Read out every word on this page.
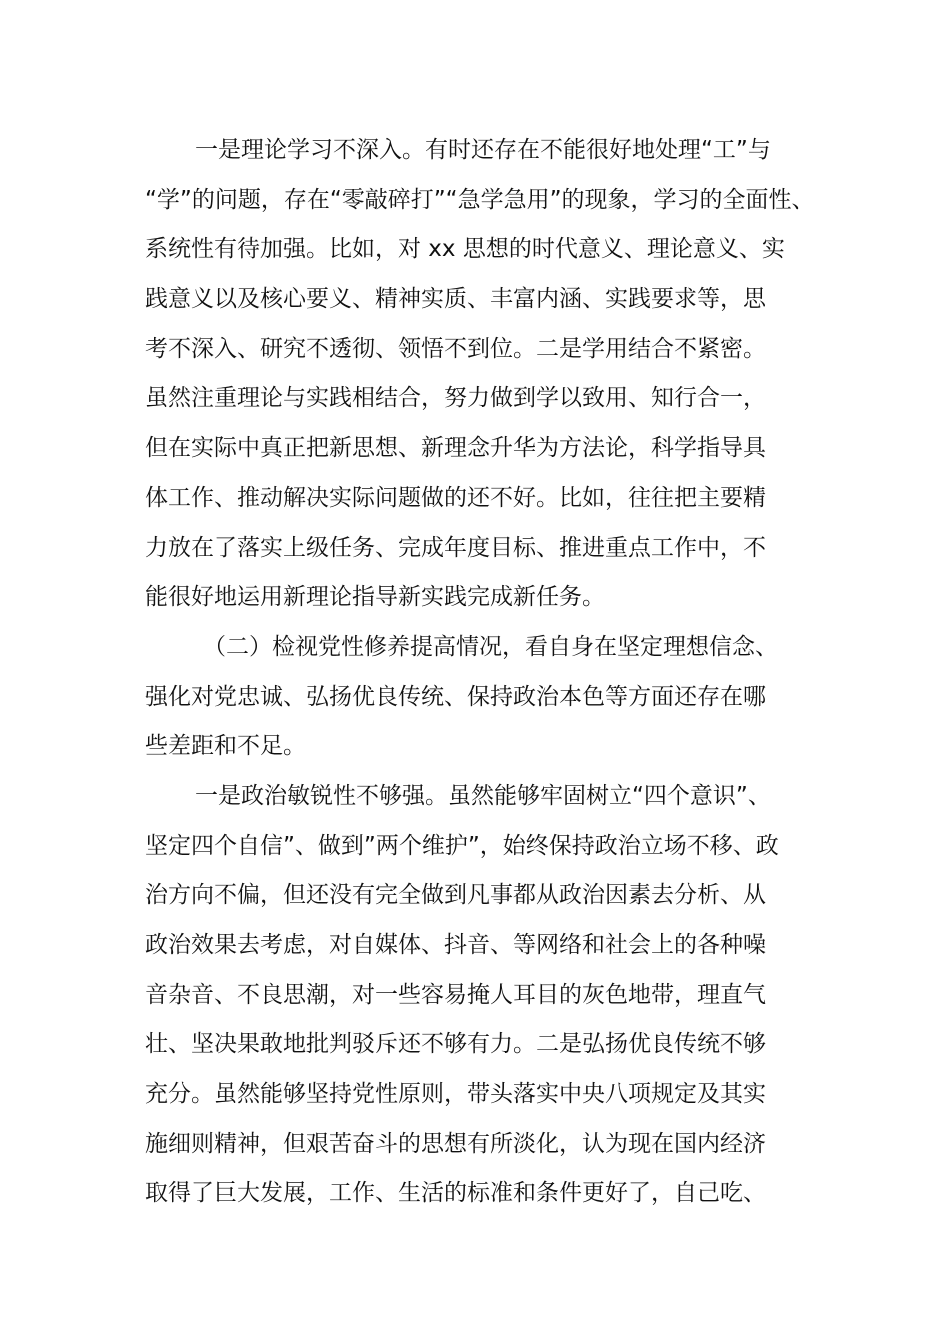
一是理论学习不深入。有时还存在不能很好地处理“工”与
“学”的问题，存在“零敲碎打”“急学急用”的现象，学习的全面性、
系统性有待加强。比如，对 xx 思想的时代意义、理论意义、实
践意义以及核心要义、精神实质、丰富内涵、实践要求等，思
考不深入、研究不透彻、领悟不到位。二是学用结合不紧密。
虽然注重理论与实践相结合，努力做到学以致用、知行合一，
但在实际中真正把新思想、新理念升华为方法论，科学指导具
体工作、推动解决实际问题做的还不好。比如，往往把主要精
力放在了落实上级任务、完成年度目标、推进重点工作中，不
能很好地运用新理论指导新实践完成新任务。
（二）检视党性修养提高情况，看自身在坚定理想信念、
强化对党忠诚、弘扬优良传统、保持政治本色等方面还存在哪
些差距和不足。
一是政治敏锐性不够强。虽然能够牢固树立“四个意识”、
坚定四个自信”、做到”两个维护”，始终保持政治立场不移、政
治方向不偏，但还没有完全做到凡事都从政治因素去分析、从
政治效果去考虑，对自媒体、抖音、等网络和社会上的各种噪
音杂音、不良思潮，对一些容易掩人耳目的灰色地带，理直气
壮、坚决果敢地批判驳斥还不够有力。二是弘扬优良传统不够
充分。虽然能够坚持党性原则，带头落实中央八项规定及其实
施细则精神，但艰苦奋斗的思想有所淡化，认为现在国内经济
取得了巨大发展，工作、生活的标准和条件更好了，自己吃、
